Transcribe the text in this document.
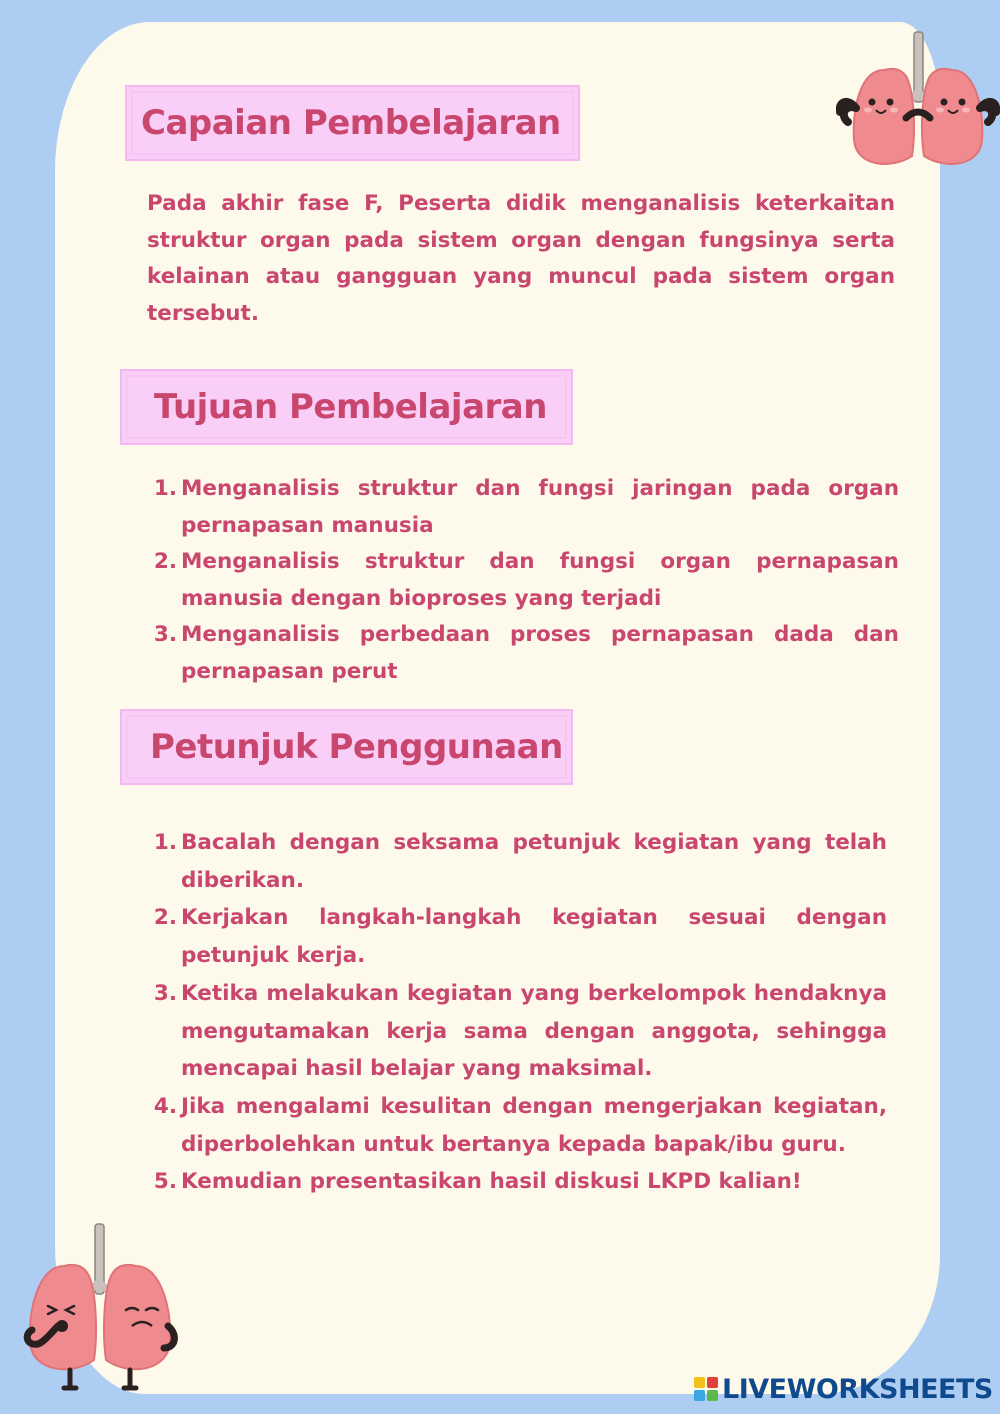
Capaian Pembelajaran

Pada akhir fase F, Peserta didik menganalisis keterkaitan struktur organ pada sistem organ dengan fungsinya serta kelainan atau gangguan yang muncul pada sistem organ tersebut.

Tujuan Pembelajaran
1. Menganalisis struktur dan fungsi jaringan pada organ pernapasan manusia
2. Menganalisis struktur dan fungsi organ pernapasan manusia dengan bioproses yang terjadi
3. Menganalisis perbedaan proses pernapasan dada dan pernapasan perut
Petunjuk Penggunaan
1. Bacalah dengan seksama petunjuk kegiatan yang telah diberikan.
2. Kerjakan langkah-langkah kegiatan sesuai dengan petunjuk kerja.
3. Ketika melakukan kegiatan yang berkelompok hendaknya mengutamakan kerja sama dengan anggota, sehingga mencapai hasil belajar yang maksimal.
4. Jika mengalami kesulitan dengan mengerjakan kegiatan, diperbolehkan untuk bertanya kepada bapak/ibu guru.
5. Kemudian presentasikan hasil diskusi LKPD kalian!
LIVEWORKSHEETS
